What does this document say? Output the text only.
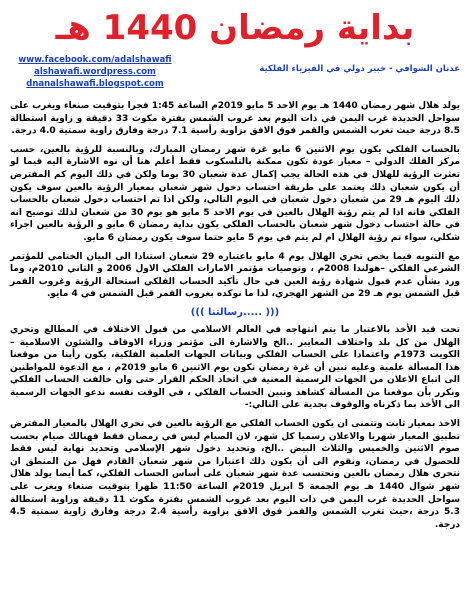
بداية رمضان 1440 هـ
www.facebook.com/adalshawafi
alshawafi.wordpress.com
dnanalshawafi.blogspot.com
عدنان الشوافي - خبير دولي في الفيزياء الفلكية

يولد هلال شهر رمضان 1440 هـ يوم الاحد 5 مايو 2019م الساعة 1:45 فجرا بتوقيت صنعاء ويغرب على سواحل الحديدة غرب اليمن في ذات اليوم بعد غروب الشمس بفترة مكوث 33 دقيقة و زاوية استطالة 8.5 درجة حيث تغرب الشمس والقمر فوق الافق بزاوية رأسية 7.1 درجة وفارق زاوية سمتية 4.0 درجة.

بالحساب الفلكي يكون يوم الاثنين 6 مايو غرة شهر رمضان المبارك، وبالنسبة للرؤية بالعين، حسب مركز الفلك الدولي – معيار عودة تكون ممكنة بالتلسكوب فقط أعلم هنا أن نوه الاشارة اليه قيما لو تعثرت الرؤية للهلال في هذه الحالة يجب إكمال عدة شعبان 30 يوما ولكن في ذلك اليوم كم المفترض أن يكون شعبان ذلك يعتمد على طريقة احتساب دخول شهر شعبان بمعيار الرؤية بالعين سوف يكون ذلك اليوم هـ 29 من شعبان دخول شعبان في اليوم التالي، ولكن اذا تم احتساب دخول شعبان بالحساب الفلكي فانه اذا لم يتم رؤية الهلال بالعين في يوم الاحد 5 مايو هو يوم 30 من شعبان لذلك توضيح انه في حالة احتساب دخول شهر شعبان بالحساب الفلكي يكون بداية رمضان 6 مايو و الرؤية بالعين اجراء شكلي، سواء تم رؤية الهلال ام لم يتم في يوم 5 مايو حتما سوف يكون رمضان 6 مايو.

مع التنويه فيما يخص تحري الهلال يوم 4 مايو باعتباره 29 شعبان استنادا الى البيان الختامي للمؤتمر الشرعي الفلكي –هولندا 2008م ، وتوصيات مؤتمر الامارات الفلكي الاول 2006 و الثاني 2010م، وما ورد بشأن عدم قبول شهادة رؤية العين في حال تأكيد الحساب الفلكي استحالة الرؤية وغروب القمر قبل الشمس يوم هـ 29 من الشهر الهجري، لذا ما نوكده بغروب القمر قبل الشمس في 4 مايو.

((( .....رسالتنا )))

تحت قيد الأخذ بالاعتبار ما يتم انتهاجه في العالم الاسلامي من قبول الاختلاف في المطالع وتحري الهلال من كل بلد واختلاف المعايير ..الخ والاشارة الى مؤتمر وزراء الاوقاف والشئون الاسلامية – الكويت 1973م واعتمادا على الحساب الفلكي وبيانات الجهات العلمية الفلكية، يكون رأينا من موقعنا هذا المسألة علمية وعليه نبين أن غرة رمضان تكون يوم الاثنين 6 مايو 2019م ، مع الدعوة للمواطنين الى اتباع الاعلان من الجهات الرسمية المعنية في اتخاذ الحكم القرار حتى وان خالفت الحساب الفلكي ونكرر بأن موقعنا من المسألة كشاهد ونبين الحساب الفلكي ، في الوقت نفسه ندعو الجهات الرسمية الى الأخذ بما ذكرناه والوقوف بجدية على التالي:-

الاخذ بمعيار ثابت وتتمنى ان يكون الحساب الفلكي مع الرؤية بالعين في تحري الهلال بالمعيار المفترض تطبيق المعيار شهريا والاعلان رسميا كل شهر، لان الصيام ليس في رمضان فقط فهنالك صيام بحسب صوم الاثنين والخميس والثلاث البيض ..الخ، وتحديد دخول شهر الإسلامي وتحديد نهاية ليس فقط للحصول في رمضان، ونقوم الى أن يكون ذلك اعتبارا من شهر شعبان القادم فهل من المنطق ان نتحرى هلال رمضان بالعين ونحتسب عدة شهر شعبان على أساس الحساب الفلكي، كما أيضا يولد هلال شهر شوال 1440 هـ يوم الجمعة 5 ابريل 2019م الساعة 11:50 ظهرا بتوقيت صنعاء ويغرب على سواحل الحديدة غرب اليمن في ذات اليوم بعد غروب الشمس بفترة مكوث 11 دقيقة وزاوية استطالة 5.3 درجة ،حيث تغرب الشمس والقمر فوق الافق بزاوية رأسية 2.4 درجة وفارق زاوية سمتية 4.5 درجة.
